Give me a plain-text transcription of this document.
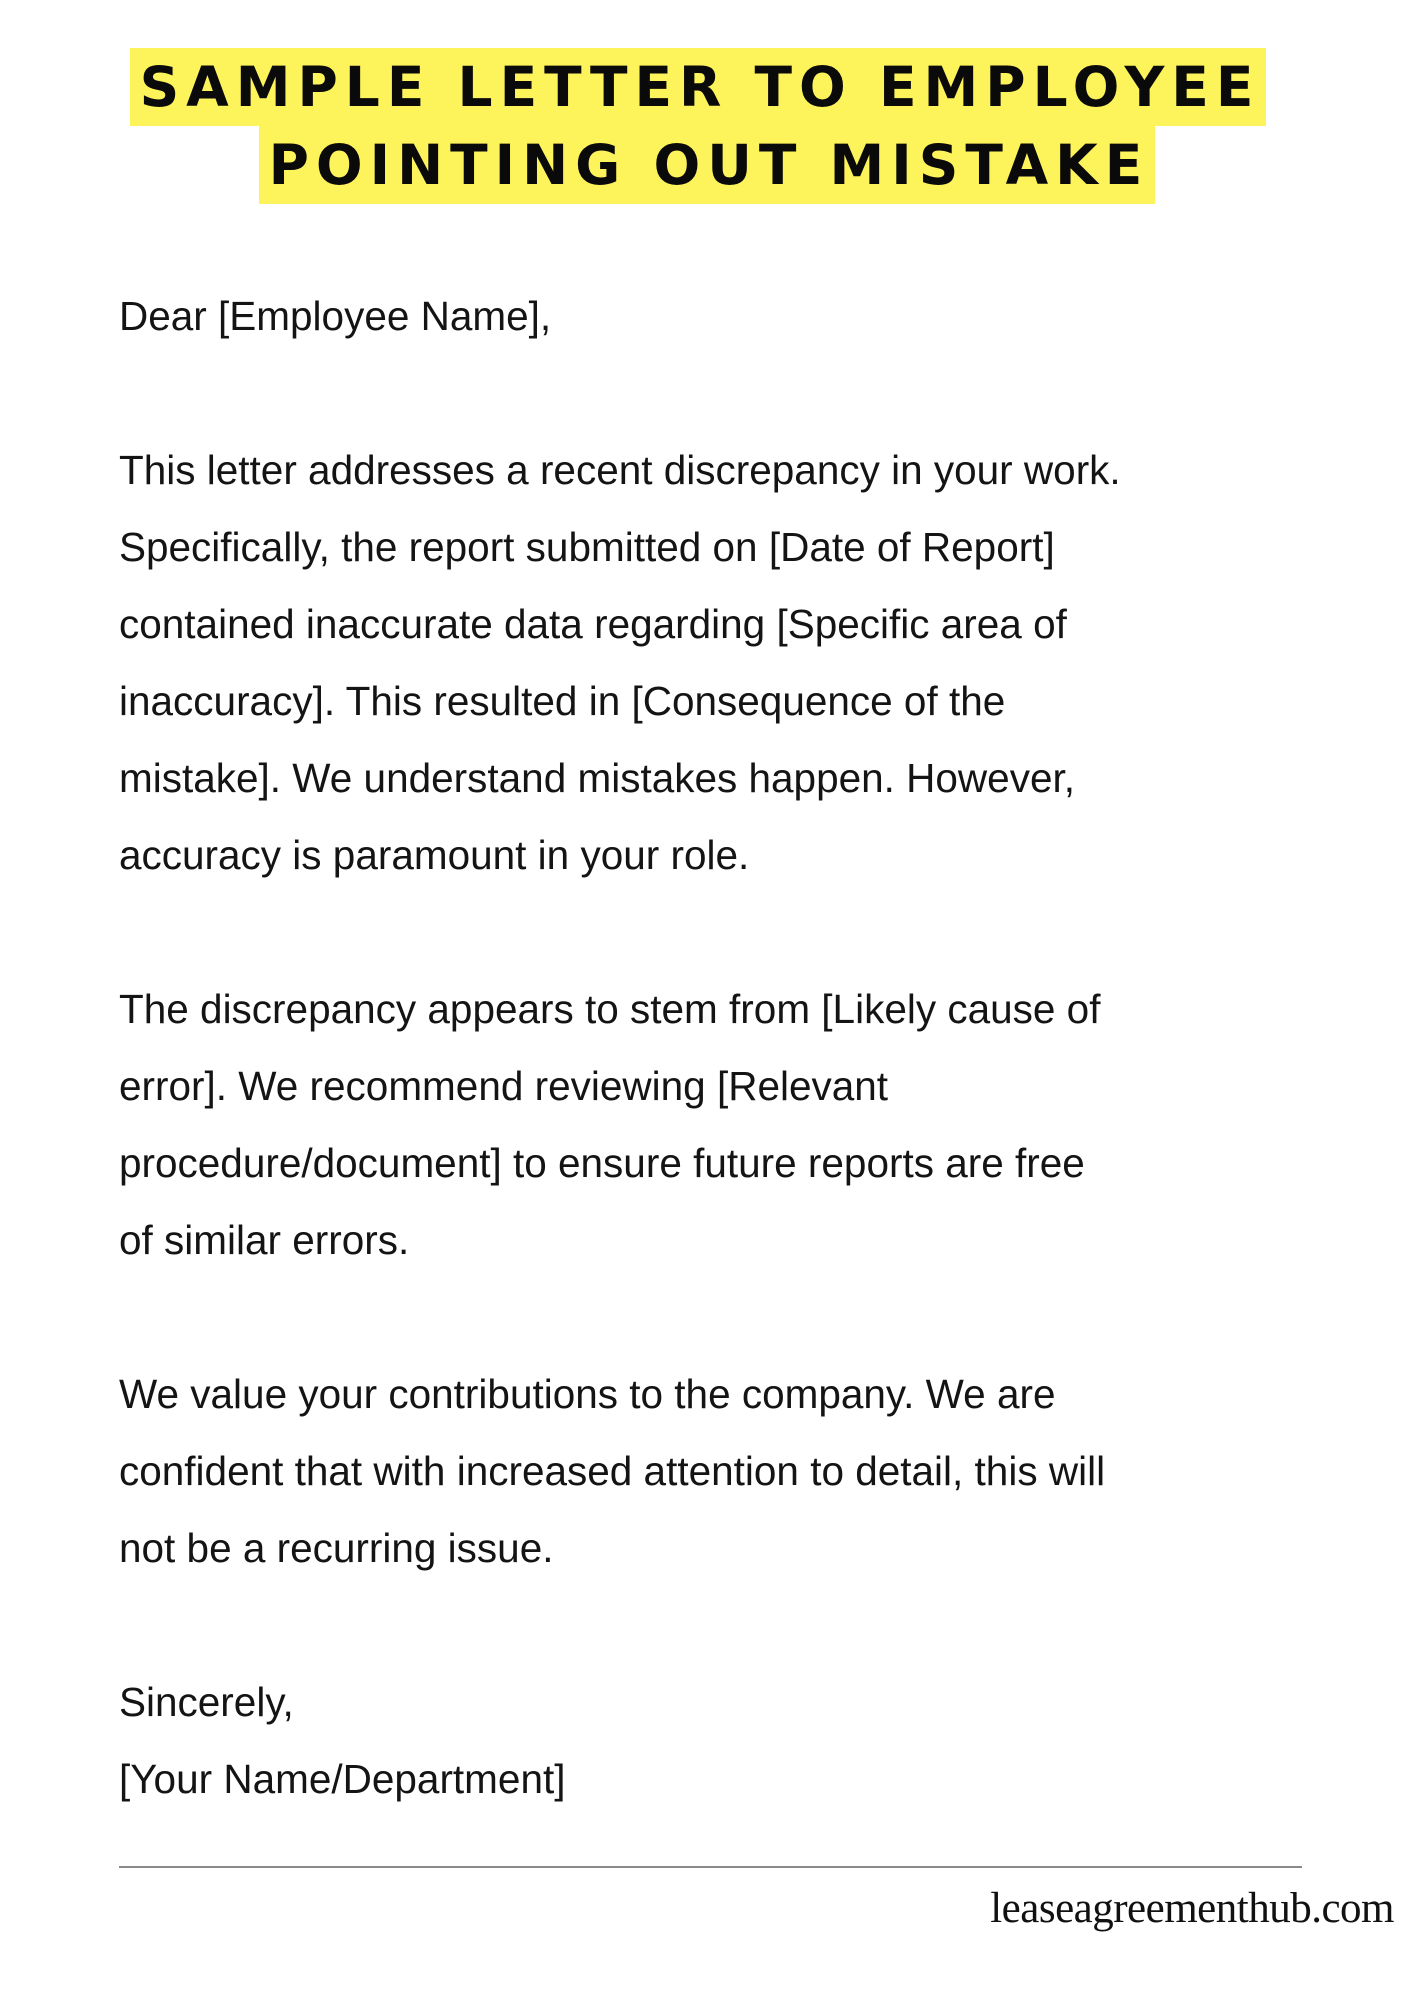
SAMPLE LETTER TO EMPLOYEE
POINTING OUT MISTAKE

Dear [Employee Name],

This letter addresses a recent discrepancy in your work.

Specifically, the report submitted on [Date of Report]

contained inaccurate data regarding [Specific area of

inaccuracy]. This resulted in [Consequence of the

mistake]. We understand mistakes happen. However,

accuracy is paramount in your role.

The discrepancy appears to stem from [Likely cause of

error]. We recommend reviewing [Relevant

procedure/document] to ensure future reports are free

of similar errors.

We value your contributions to the company. We are

confident that with increased attention to detail, this will

not be a recurring issue.

Sincerely,

[Your Name/Department]

leaseagreementhub.com
